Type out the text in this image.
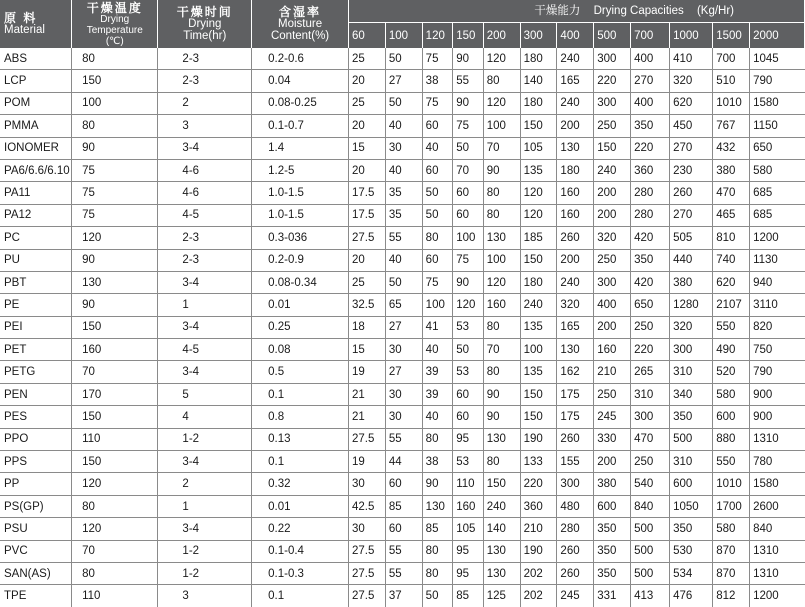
原 料
Material	干燥温度
Drying
Temperature
(℃)	干燥时间
Drying
Time(hr)	含湿率
Moisture
Content(%)	干燥能力 Drying Capacities (Kg/Hr)											
				60	100	120	150	200	300	400	500	700	1000	1500	2000
ABS	80	2-3	0.2-0.6	25	50	75	90	120	180	240	300	400	410	700	1045
LCP	150	2-3	0.04	20	27	38	55	80	140	165	220	270	320	510	790
POM	100	2	0.08-0.25	25	50	75	90	120	180	240	300	400	620	1010	1580
PMMA	80	3	0.1-0.7	20	40	60	75	100	150	200	250	350	450	767	1150
IONOMER	90	3-4	1.4	15	30	40	50	70	105	130	150	220	270	432	650
PA6/6.6/6.10	75	4-6	1.2-5	20	40	60	70	90	135	180	240	360	230	380	580
PA11	75	4-6	1.0-1.5	17.5	35	50	60	80	120	160	200	280	260	470	685
PA12	75	4-5	1.0-1.5	17.5	35	50	60	80	120	160	200	280	270	465	685
PC	120	2-3	0.3-036	27.5	55	80	100	130	185	260	320	420	505	810	1200
PU	90	2-3	0.2-0.9	20	40	60	75	100	150	200	250	350	440	740	1130
PBT	130	3-4	0.08-0.34	25	50	75	90	120	180	240	300	420	380	620	940
PE	90	1	0.01	32.5	65	100	120	160	240	320	400	650	1280	2107	3110
PEI	150	3-4	0.25	18	27	41	53	80	135	165	200	250	320	550	820
PET	160	4-5	0.08	15	30	40	50	70	100	130	160	220	300	490	750
PETG	70	3-4	0.5	19	27	39	53	80	135	162	210	265	310	520	790
PEN	170	5	0.1	21	30	39	60	90	150	175	250	310	340	580	900
PES	150	4	0.8	21	30	40	60	90	150	175	245	300	350	600	900
PPO	110	1-2	0.13	27.5	55	80	95	130	190	260	330	470	500	880	1310
PPS	150	3-4	0.1	19	44	38	53	80	133	155	200	250	310	550	780
PP	120	2	0.32	30	60	90	110	150	220	300	380	540	600	1010	1580
PS(GP)	80	1	0.01	42.5	85	130	160	240	360	480	600	840	1050	1700	2600
PSU	120	3-4	0.22	30	60	85	105	140	210	280	350	500	350	580	840
PVC	70	1-2	0.1-0.4	27.5	55	80	95	130	190	260	350	500	530	870	1310
SAN(AS)	80	1-2	0.1-0.3	27.5	55	80	95	130	202	260	350	500	534	870	1310
TPE	110	3	0.1	27.5	37	50	85	125	202	245	331	413	476	812	1200
